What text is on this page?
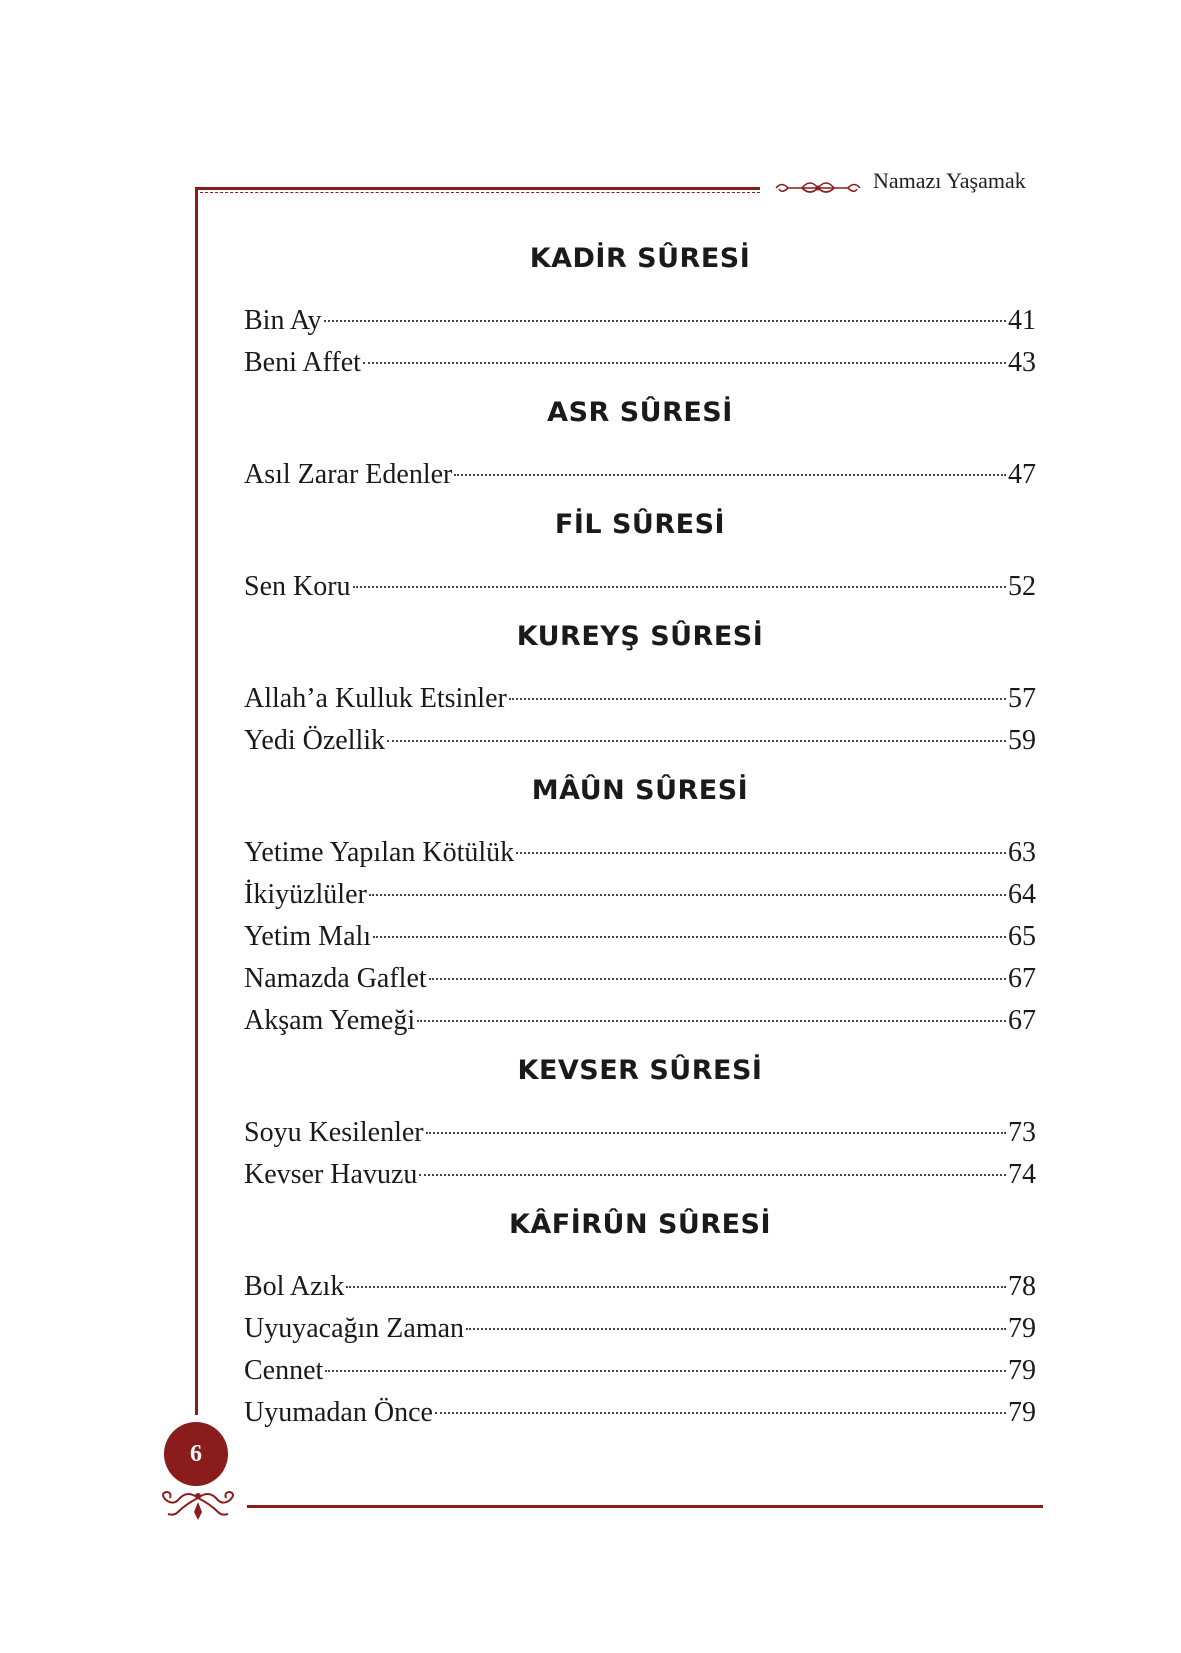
Namazı Yaşamak
KADİR SÛRESİ
Bin Ay	41
Beni Affet	43
ASR SÛRESİ
Asıl Zarar Edenler	47
FİL SÛRESİ
Sen Koru	52
KUREYŞ SÛRESİ
Allah’a Kulluk Etsinler	57
Yedi Özellik	59
MÂÛN SÛRESİ
Yetime Yapılan Kötülük	63
İkiyüzlüler	64
Yetim Malı	65
Namazda Gaflet	67
Akşam Yemeği	67
KEVSER SÛRESİ
Soyu Kesilenler	73
Kevser Havuzu	74
KÂFİRÛN SÛRESİ
Bol Azık	78
Uyuyacağın Zaman	79
Cennet	79
Uyumadan Önce	79
6
